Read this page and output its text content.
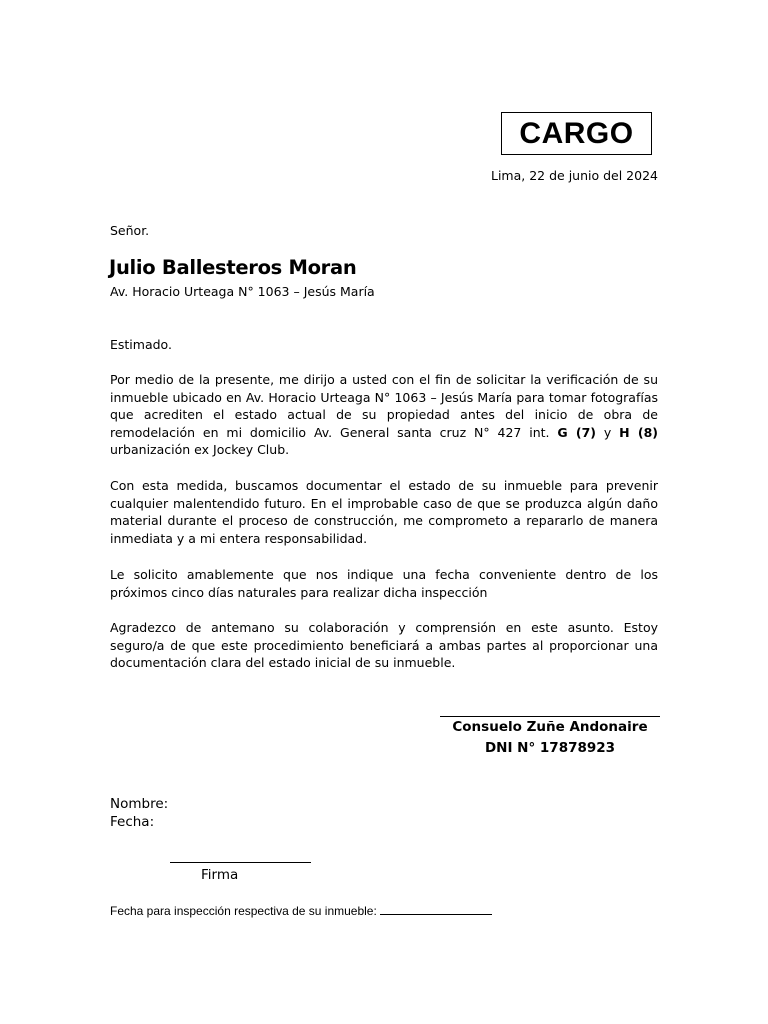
CARGO
Lima, 22 de junio del 2024
Señor.
Julio Ballesteros Moran
Av. Horacio Urteaga N° 1063 – Jesús María
Estimado.
Por medio de la presente, me dirijo a usted con el fin de solicitar la verificación de su inmueble ubicado en Av. Horacio Urteaga N° 1063 – Jesús María para tomar fotografías que acrediten el estado actual de su propiedad antes del inicio de obra de remodelación en mi domicilio Av. General santa cruz N° 427 int. G (7) y H (8) urbanización ex Jockey Club.
Con esta medida, buscamos documentar el estado de su inmueble para prevenir cualquier malentendido futuro. En el improbable caso de que se produzca algún daño material durante el proceso de construcción, me comprometo a repararlo de manera inmediata y a mi entera responsabilidad.
Le solicito amablemente que nos indique una fecha conveniente dentro de los próximos cinco días naturales para realizar dicha inspección
Agradezco de antemano su colaboración y comprensión en este asunto. Estoy seguro/a de que este procedimiento beneficiará a ambas partes al proporcionar una documentación clara del estado inicial de su inmueble.
Consuelo Zuñe Andonaire
DNI N° 17878923
Nombre:
Fecha:
Firma
Fecha para inspección respectiva de su inmueble:
